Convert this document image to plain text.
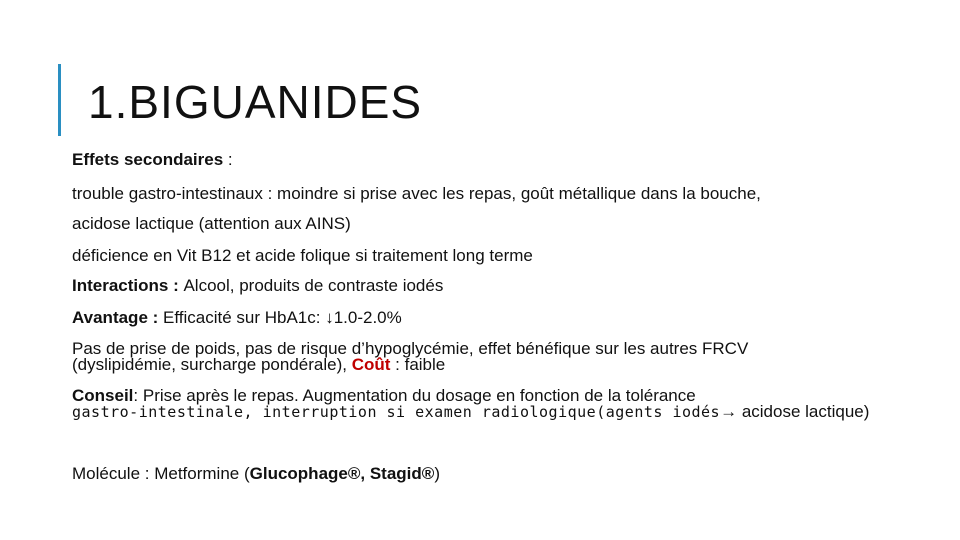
1.BIGUANIDES
Effets secondaires :
trouble gastro-intestinaux : moindre si prise avec les repas, goût métallique dans la bouche,
acidose lactique (attention aux AINS)
déficience en Vit B12 et acide folique si traitement long terme
Interactions : Alcool, produits de contraste iodés
Avantage : Efficacité sur HbA1c: ↓1.0-2.0%
Pas de prise de poids, pas de risque d’hypoglycémie, effet bénéfique sur les autres FRCV
(dyslipidémie, surcharge pondérale), Coût : faible
Conseil: Prise après le repas. Augmentation du dosage en fonction de la tolérance
gastro‐intestinale, interruption si examen radiologique(agents iodés→ acidose lactique)
Molécule : Metformine (Glucophage®, Stagid®)
